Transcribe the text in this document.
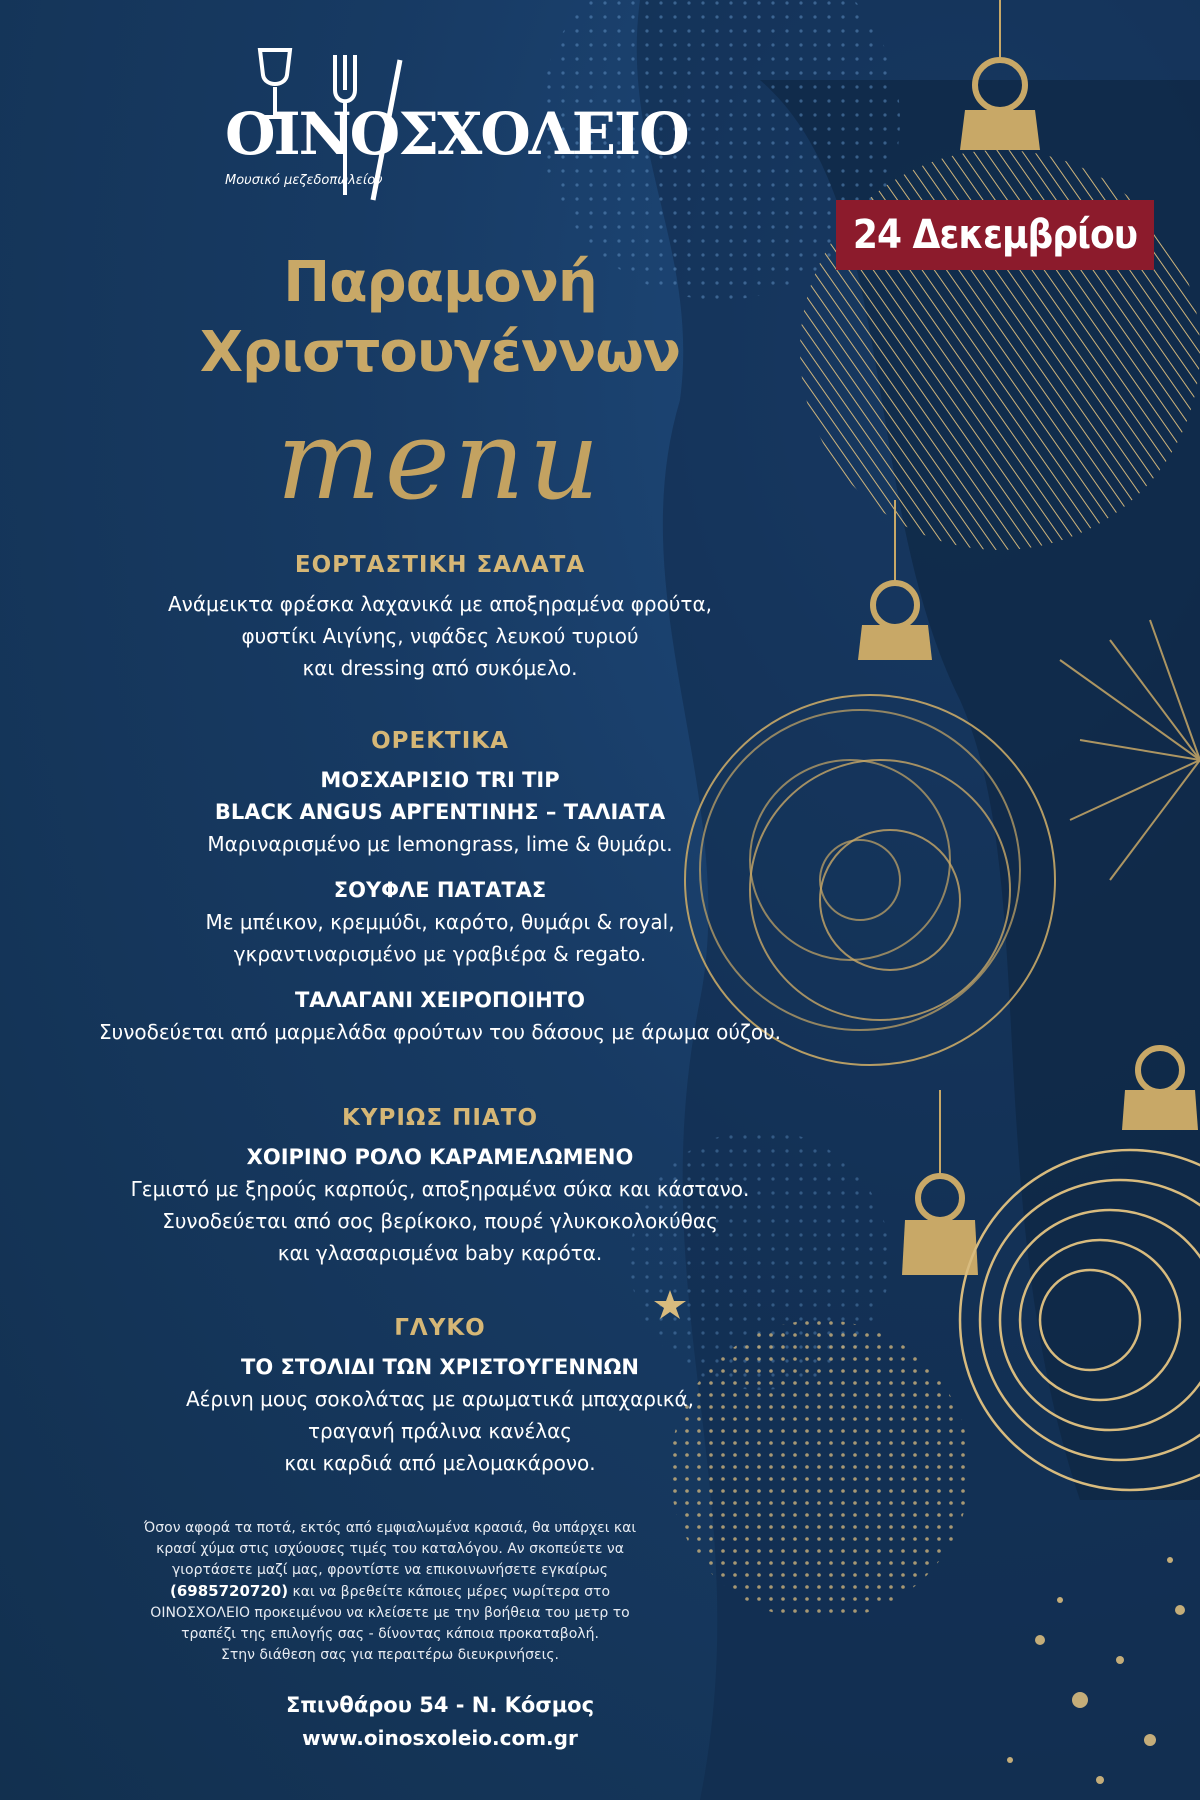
ΟΙΝΟΣΧΟΛΕΙΟ
Μουσικό μεζεδοπωλείον
24 Δεκεμβρίου
Παραμονή
Χριστουγέννων
menu
ΕΟΡΤΑΣΤΙΚΗ ΣΑΛΑΤΑ
Ανάμεικτα φρέσκα λαχανικά με αποξηραμένα φρούτα,
φυστίκι Αιγίνης, νιφάδες λευκού τυριού
και dressing από συκόμελο.
ΟΡΕΚΤΙΚΑ
ΜΟΣΧΑΡΙΣΙΟ TRI TIP
BLACK ANGUS ΑΡΓΕΝΤΙΝΗΣ – ΤΑΛΙΑΤΑ
Μαριναρισμένο με lemongrass, lime & θυμάρι.
ΣΟΥΦΛΕ ΠΑΤΑΤΑΣ
Με μπέικον, κρεμμύδι, καρότο, θυμάρι & royal,
γκραντιναρισμένο με γραβιέρα & regato.
ΤΑΛΑΓΑΝΙ ΧΕΙΡΟΠΟΙΗΤΟ
Συνοδεύεται από μαρμελάδα φρούτων του δάσους με άρωμα ούζου.
ΚΥΡΙΩΣ ΠΙΑΤΟ
ΧΟΙΡΙΝΟ ΡΟΛΟ ΚΑΡΑΜΕΛΩΜΕΝΟ
Γεμιστό με ξηρούς καρπούς, αποξηραμένα σύκα και κάστανο.
Συνοδεύεται από σος βερίκοκο, πουρέ γλυκοκολοκύθας
και γλασαρισμένα baby καρότα.
ΓΛΥΚΟ
ΤΟ ΣΤΟΛΙΔΙ ΤΩΝ ΧΡΙΣΤΟΥΓΕΝΝΩΝ
Αέρινη μους σοκολάτας με αρωματικά μπαχαρικά,
τραγανή πράλινα κανέλας
και καρδιά από μελομακάρονο.
Όσον αφορά τα ποτά, εκτός από εμφιαλωμένα κρασιά, θα υπάρχει και
κρασί χύμα στις ισχύουσες τιμές του καταλόγου. Αν σκοπεύετε να
γιορτάσετε μαζί μας, φροντίστε να επικοινωνήσετε εγκαίρως
(6985720720) και να βρεθείτε κάποιες μέρες νωρίτερα στο
ΟΙΝΟΣΧΟΛΕΙΟ προκειμένου να κλείσετε με την βοήθεια του μετρ το
τραπέζι της επιλογής σας - δίνοντας κάποια προκαταβολή.
Στην διάθεση σας για περαιτέρω διευκρινήσεις.
Σπινθάρου 54 - Ν. Κόσμος
www.oinosxoleio.com.gr
